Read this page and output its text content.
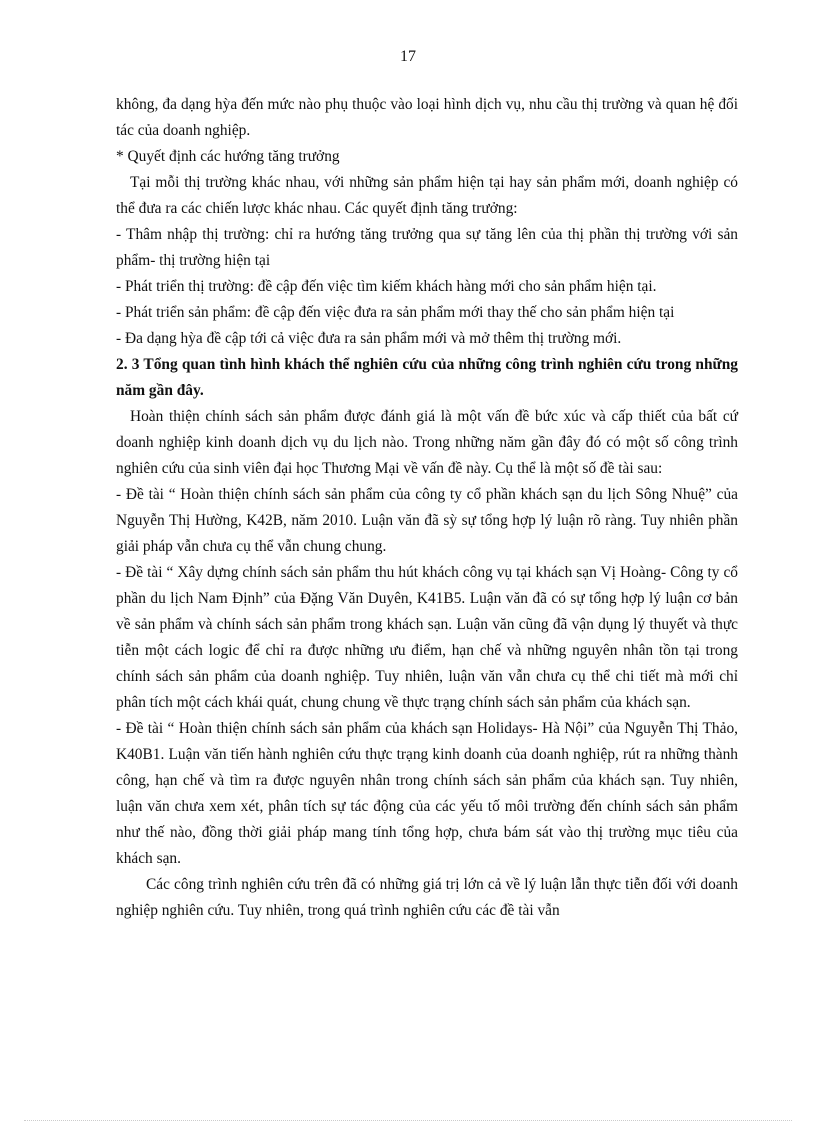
17

không, đa dạng hỳa đến mức nào phụ thuộc vào loại hình dịch vụ, nhu cầu thị trường và quan hệ đối tác của doanh nghiệp.

* Quyết định các hướng tăng trưởng

Tại mỗi thị trường khác nhau, với những sản phẩm hiện tại hay sản phẩm mới, doanh nghiệp có thể đưa ra các chiến lược khác nhau. Các quyết định tăng trưởng:

- Thâm nhập thị trường: chỉ ra hướng tăng trưởng qua sự tăng lên của thị phần thị trường với sản phẩm- thị trường hiện tại

- Phát triển thị trường: đề cập đến việc tìm kiếm khách hàng mới cho sản phẩm hiện tại.

- Phát triển sản phẩm: đề cập đến việc đưa ra sản phẩm mới thay thế cho sản phẩm hiện tại

- Đa dạng hỳa đề cập tới cả việc đưa ra sản phẩm mới và mở thêm thị trường mới.

2. 3 Tổng quan tình hình khách thể nghiên cứu của những công trình nghiên cứu trong những năm gần đây.

Hoàn thiện chính sách sản phẩm được đánh giá là một vấn đề bức xúc và cấp thiết của bất cứ doanh nghiệp kinh doanh dịch vụ du lịch nào. Trong những năm gần đây đó có một số công trình nghiên cứu của sinh viên đại học Thương Mại về vấn đề này. Cụ thể là một số đề tài sau:

- Đề tài “ Hoàn thiện chính sách sản phẩm của công ty cổ phần khách sạn du lịch Sông Nhuệ” của Nguyễn Thị Hường, K42B, năm 2010. Luận văn đã sỳ sự tổng hợp lý luận rõ ràng. Tuy nhiên phần giải pháp vẫn chưa cụ thể vẫn chung chung.

- Đề tài “ Xây dựng chính sách sản phẩm thu hút khách công vụ tại khách sạn Vị Hoàng- Công ty cổ phần du lịch Nam Định” của Đặng Văn Duyên, K41B5. Luận văn đã có sự tổng hợp lý luận cơ bản về sản phẩm và chính sách sản phẩm trong khách sạn. Luận văn cũng đã vận dụng lý thuyết và thực tiễn một cách logic để chỉ ra được những ưu điểm, hạn chế và những nguyên nhân tồn tại trong chính sách sản phẩm của doanh nghiệp. Tuy nhiên, luận văn vẫn chưa cụ thể chi tiết mà mới chỉ phân tích một cách khái quát, chung chung về thực trạng chính sách sản phẩm của khách sạn.

- Đề tài “ Hoàn thiện chính sách sản phẩm của khách sạn Holidays- Hà Nội” của Nguyễn Thị Thảo, K40B1. Luận văn tiến hành nghiên cứu thực trạng kinh doanh của doanh nghiệp, rút ra những thành công, hạn chế và tìm ra được nguyên nhân trong chính sách sản phẩm của khách sạn. Tuy nhiên, luận văn chưa xem xét, phân tích sự tác động của các yếu tố môi trường đến chính sách sản phẩm như thế nào, đồng thời giải pháp mang tính tổng hợp, chưa bám sát vào thị trường mục tiêu của khách sạn.

Các công trình nghiên cứu trên đã có những giá trị lớn cả về lý luận lẫn thực tiễn đối với doanh nghiệp nghiên cứu. Tuy nhiên, trong quá trình nghiên cứu các đề tài vẫn
